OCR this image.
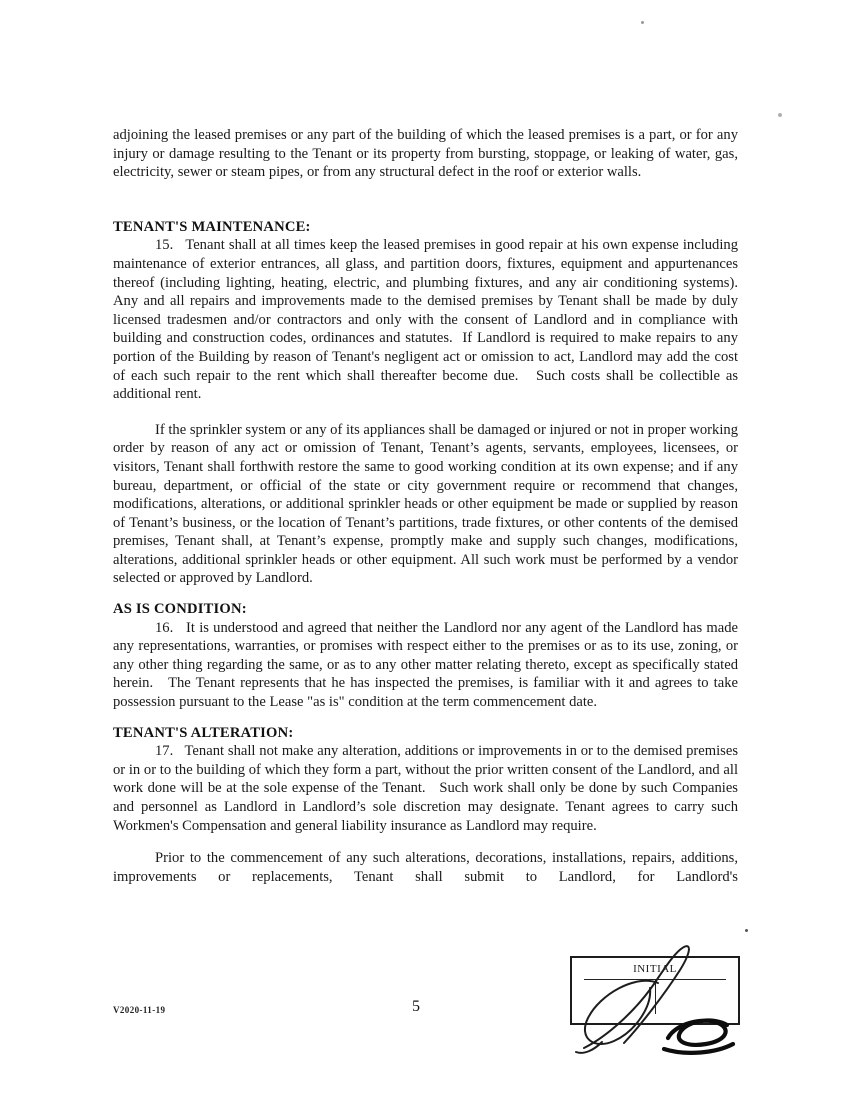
adjoining the leased premises or any part of the building of which the leased premises is a part, or for any injury or damage resulting to the Tenant or its property from bursting, stoppage, or leaking of water, gas, electricity, sewer or steam pipes, or from any structural defect in the roof or exterior walls.

TENANT'S MAINTENANCE:

15.   Tenant shall at all times keep the leased premises in good repair at his own expense including maintenance of exterior entrances, all glass, and partition doors, fixtures, equipment and appurtenances thereof (including lighting, heating, electric, and plumbing fixtures, and any air conditioning systems).   Any and all repairs and improvements made to the demised premises by Tenant shall be made by duly licensed tradesmen and/or contractors and only with the consent of Landlord and in compliance with building and construction codes, ordinances and statutes.  If Landlord is required to make repairs to any portion of the Building by reason of Tenant's negligent act or omission to act, Landlord may add the cost of each such repair to the rent which shall thereafter become due.   Such costs shall be collectible as additional rent.

If the sprinkler system or any of its appliances shall be damaged or injured or not in proper working order by reason of any act or omission of Tenant, Tenant’s agents, servants, employees, licensees, or visitors, Tenant shall forthwith restore the same to good working condition at its own expense; and if any bureau, department, or official of the state or city government require or recommend that changes, modifications, alterations, or additional sprinkler heads or other equipment be made or supplied by reason of Tenant’s business, or the location of Tenant’s partitions, trade fixtures, or other contents of the demised premises, Tenant shall, at Tenant’s expense, promptly make and supply such changes, modifications, alterations, additional sprinkler heads or other equipment. All such work must be performed by a vendor selected or approved by Landlord.

AS IS CONDITION:

16.   It is understood and agreed that neither the Landlord nor any agent of the Landlord has made any representations, warranties, or promises with respect either to the premises or as to its use, zoning, or any other thing regarding the same, or as to any other matter relating thereto, except as specifically stated herein.   The Tenant represents that he has inspected the premises, is familiar with it and agrees to take possession pursuant to the Lease "as is" condition at the term commencement date.

TENANT'S ALTERATION:

17.   Tenant shall not make any alteration, additions or improvements in or to the demised premises or in or to the building of which they form a part, without the prior written consent of the Landlord, and all work done will be at the sole expense of the Tenant.   Such work shall only be done by such Companies and personnel as Landlord in Landlord’s sole discretion may designate. Tenant agrees to carry such Workmen's Compensation and general liability insurance as Landlord may require.

Prior to the commencement of any such alterations, decorations, installations, repairs, additions, improvements or replacements, Tenant shall submit to Landlord, for Landlord's

INITIAL
V2020-11-19	5
